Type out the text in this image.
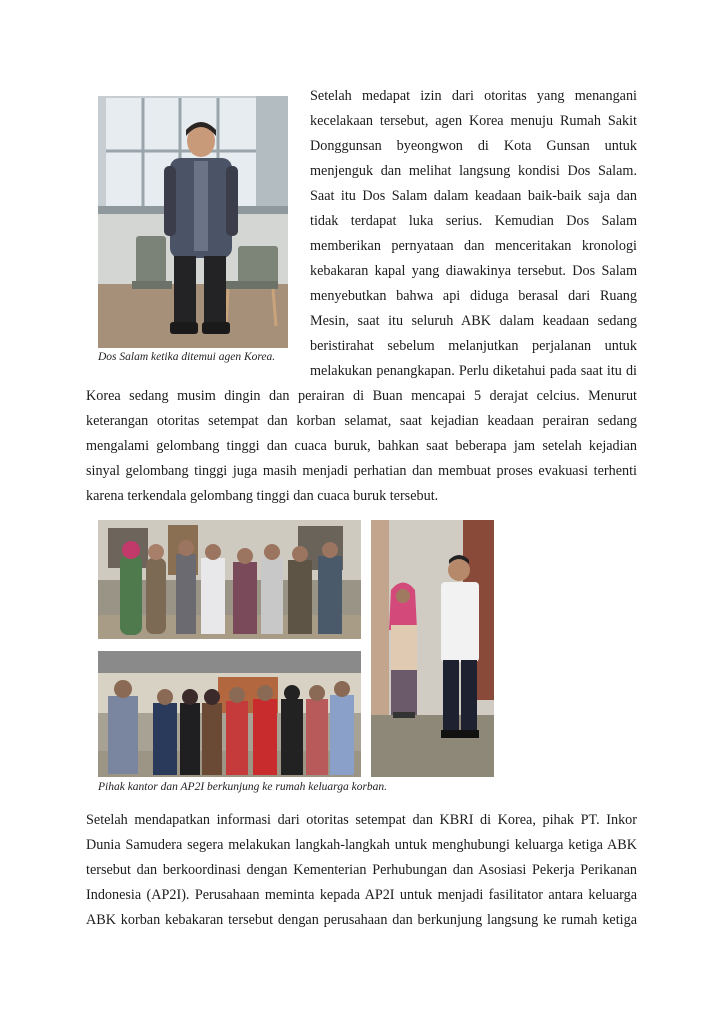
Dos Salam ketika ditemui agen Korea.
Setelah medapat izin dari otoritas yang menangani
kecelakaan tersebut, agen Korea menuju Rumah Sakit
Donggunsan byeongwon di Kota Gunsan untuk
menjenguk dan melihat langsung kondisi Dos Salam.
Saat itu Dos Salam dalam keadaan baik-baik saja dan
tidak terdapat luka serius. Kemudian Dos Salam
memberikan pernyataan dan menceritakan kronologi
kebakaran kapal yang diawakinya tersebut. Dos Salam
menyebutkan bahwa api diduga berasal dari Ruang
Mesin, saat itu seluruh ABK dalam keadaan sedang
beristirahat sebelum melanjutkan perjalanan untuk
melakukan penangkapan. Perlu diketahui pada saat itu di
Korea sedang musim dingin dan perairan di Buan mencapai 5 derajat celcius. Menurut
keterangan otoritas setempat dan korban selamat, saat kejadian keadaan perairan sedang
mengalami gelombang tinggi dan cuaca buruk, bahkan saat beberapa jam setelah kejadian
sinyal gelombang tinggi juga masih menjadi perhatian dan membuat proses evakuasi terhenti
karena terkendala gelombang tinggi dan cuaca buruk tersebut.
Pihak kantor dan AP2I berkunjung ke rumah keluarga korban.
Setelah mendapatkan informasi dari otoritas setempat dan KBRI di Korea, pihak PT. Inkor
Dunia Samudera segera melakukan langkah-langkah untuk menghubungi keluarga ketiga ABK
tersebut dan berkoordinasi dengan Kementerian Perhubungan dan Asosiasi Pekerja Perikanan
Indonesia (AP2I). Perusahaan meminta kepada AP2I untuk menjadi fasilitator antara keluarga
ABK korban kebakaran tersebut dengan perusahaan dan berkunjung langsung ke rumah ketiga
